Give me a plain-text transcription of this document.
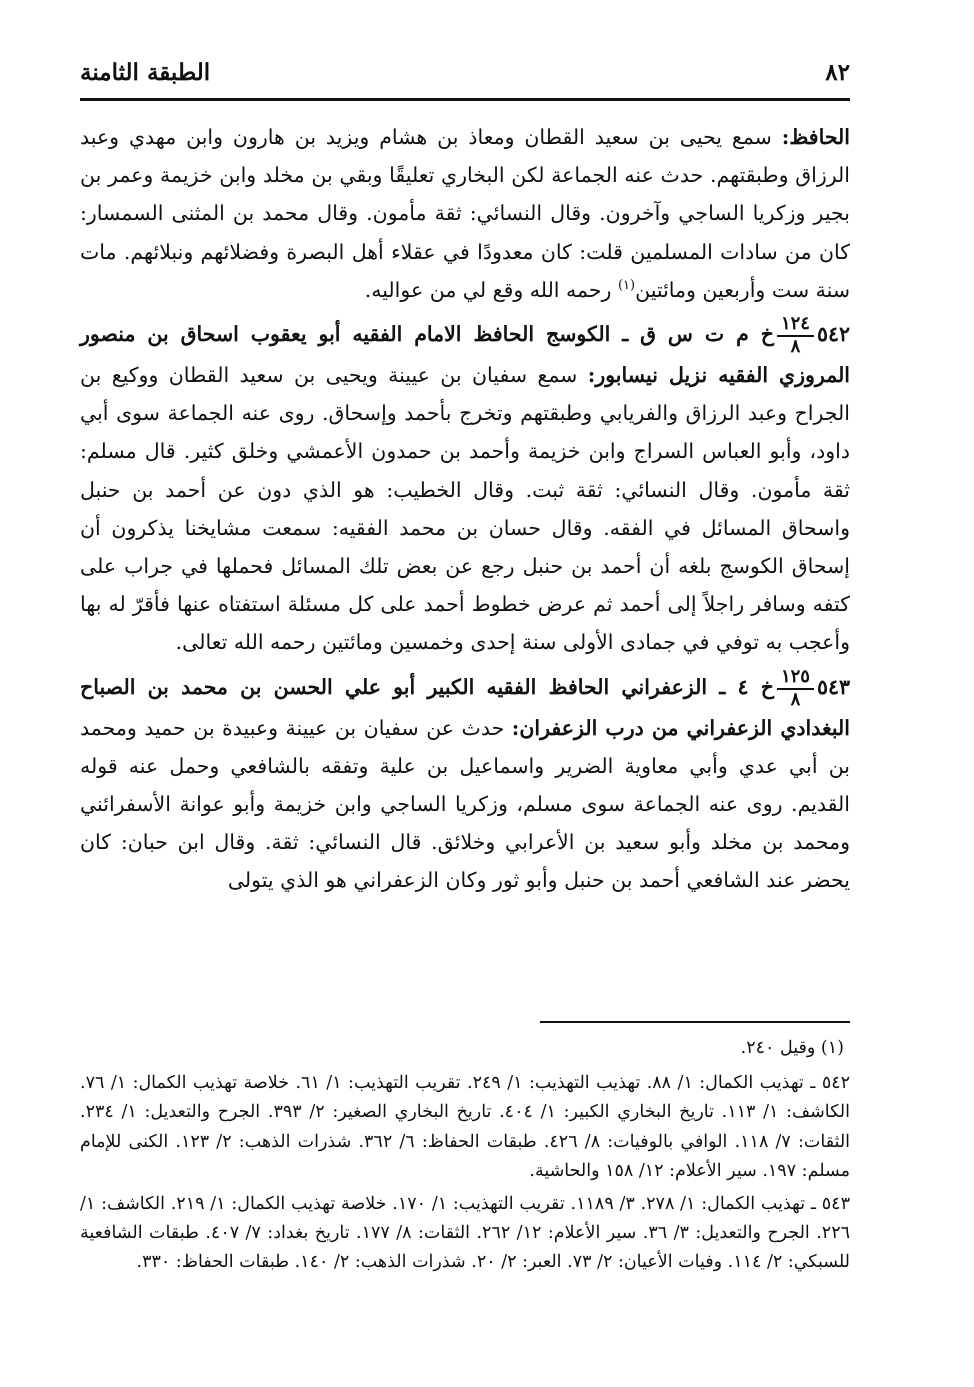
٨٢
الطبقة الثامنة

الحافظ: سمع يحيى بن سعيد القطان ومعاذ بن هشام ويزيد بن هارون وابن مهدي وعبد الرزاق وطبقتهم. حدث عنه الجماعة لكن البخاري تعليقًا وبقي بن مخلد وابن خزيمة وعمر بن بجير وزكريا الساجي وآخرون. وقال النسائي: ثقة مأمون. وقال محمد بن المثنى السمسار: كان من سادات المسلمين قلت: كان معدودًا في عقلاء أهل البصرة وفضلائهم ونبلائهم. مات سنة ست وأربعين ومائتين$^{(١)}$ رحمه الله وقع لي من عواليه.

٥٤٢
$\frac{١٢٤}{٨}$
خ م ت س ق ـ الكوسج الحافظ الامام الفقيه أبو يعقوب اسحاق بن منصور المروزي الفقيه نزيل نيسابور: سمع سفيان بن عيينة ويحيى بن سعيد القطان ووكيع بن الجراح وعبد الرزاق والفريابي وطبقتهم وتخرج بأحمد وإسحاق. روى عنه الجماعة سوى أبي داود، وأبو العباس السراج وابن خزيمة وأحمد بن حمدون الأعمشي وخلق كثير. قال مسلم: ثقة مأمون. وقال النسائي: ثقة ثبت. وقال الخطيب: هو الذي دون عن أحمد بن حنبل واسحاق المسائل في الفقه. وقال حسان بن محمد الفقيه: سمعت مشايخنا يذكرون أن إسحاق الكوسج بلغه أن أحمد بن حنبل رجع عن بعض تلك المسائل فحملها في جراب على كتفه وسافر راجلاً إلى أحمد ثم عرض خطوط أحمد على كل مسئلة استفتاه عنها فأقرّ له بها وأعجب به توفي في جمادى الأولى سنة إحدى وخمسين ومائتين رحمه الله تعالى.

٥٤٣
$\frac{١٢٥}{٨}$
خ ٤ ـ الزعفراني الحافظ الفقيه الكبير أبو علي الحسن بن محمد بن الصباح البغدادي الزعفراني من درب الزعفران: حدث عن سفيان بن عيينة وعبيدة بن حميد ومحمد بن أبي عدي وأبي معاوية الضرير واسماعيل بن علية وتفقه بالشافعي وحمل عنه قوله القديم. روى عنه الجماعة سوى مسلم، وزكريا الساجي وابن خزيمة وأبو عوانة الأسفرائني ومحمد بن مخلد وأبو سعيد بن الأعرابي وخلائق. قال النسائي: ثقة. وقال ابن حبان: كان يحضر عند الشافعي أحمد بن حنبل وأبو ثور وكان الزعفراني هو الذي يتولى

(١) وقيل ٢٤٠.

٥٤٢ ـ تهذيب الكمال: ١/ ٨٨. تهذيب التهذيب: ١/ ٢٤٩. تقريب التهذيب: ١/ ٦١. خلاصة تهذيب الكمال: ١/ ٧٦. الكاشف: ١/ ١١٣. تاريخ البخاري الكبير: ١/ ٤٠٤. تاريخ البخاري الصغير: ٢/ ٣٩٣. الجرح والتعديل: ١/ ٢٣٤. الثقات: ٧/ ١١٨. الوافي بالوفيات: ٨/ ٤٢٦. طبقات الحفاظ: ٦/ ٣٦٢. شذرات الذهب: ٢/ ١٢٣. الكنى للإمام مسلم: ١٩٧. سير الأعلام: ١٢/ ١٥٨ والحاشية.

٥٤٣ ـ تهذيب الكمال: ١/ ٢٧٨. ٣/ ١١٨٩. تقريب التهذيب: ١/ ١٧٠. خلاصة تهذيب الكمال: ١/ ٢١٩. الكاشف: ١/ ٢٢٦. الجرح والتعديل: ٣/ ٣٦. سير الأعلام: ١٢/ ٢٦٢. الثقات: ٨/ ١٧٧. تاريخ بغداد: ٧/ ٤٠٧. طبقات الشافعية للسبكي: ٢/ ١١٤. وفيات الأعيان: ٢/ ٧٣. العبر: ٢/ ٢٠. شذرات الذهب: ٢/ ١٤٠. طبقات الحفاظ: ٣٣٠.
